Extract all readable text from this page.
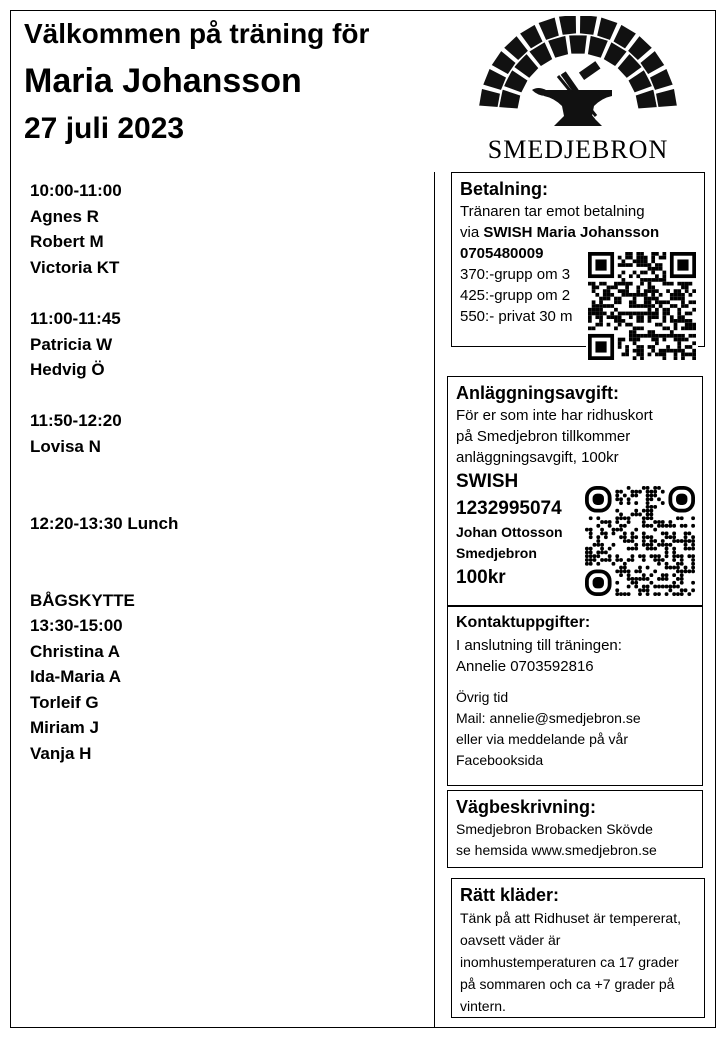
Välkommen på träning för
Maria Johansson
27 juli 2023
SMEDJEBRON
10:00-11:00
Agnes R
Robert M
Victoria KT
11:00-11:45
Patricia W
Hedvig Ö
11:50-12:20
Lovisa N
12:20-13:30 Lunch
BÅGSKYTTE
13:30-15:00
Christina A
Ida-Maria A
Torleif G
Miriam J
Vanja H
Betalning:
Tränaren tar emot betalning
via SWISH Maria Johansson
0705480009
370:-grupp om 3
425:-grupp om 2
550:- privat 30 m
Anläggningsavgift:
För er som inte har ridhuskort
på Smedjebron tillkommer
anläggningsavgift, 100kr
SWISH
1232995074
Johan Ottosson
Smedjebron
100kr
Kontaktuppgifter:
I anslutning till träningen:
Annelie 0703592816
Övrig tid
Mail: annelie@smedjebron.se
eller via meddelande på vår
Facebooksida
Vägbeskrivning:
Smedjebron Brobacken Skövde
se hemsida www.smedjebron.se
Rätt kläder:
Tänk på att Ridhuset är tempererat, oavsett väder är inomhustemperaturen ca 17 grader på sommaren och ca +7 grader på vintern.
